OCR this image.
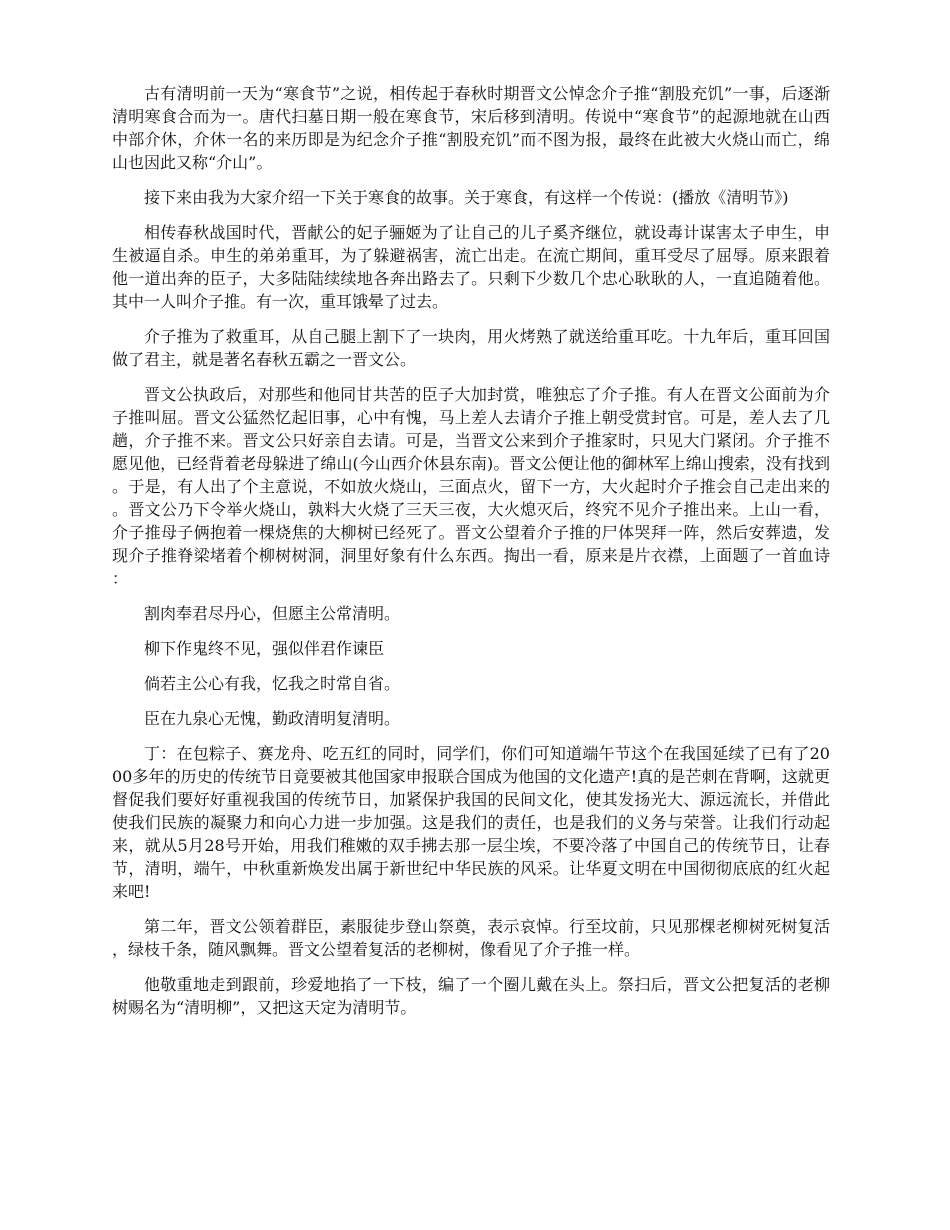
古有清明前一天为“寒食节”之说，相传起于春秋时期晋文公悼念介子推“割股充饥”一事，后逐渐清明寒食合而为一。唐代扫墓日期一般在寒食节，宋后移到清明。传说中“寒食节”的起源地就在山西中部介休，介休一名的来历即是为纪念介子推“割股充饥”而不图为报，最终在此被大火烧山而亡，绵山也因此又称“介山”。

接下来由我为大家介绍一下关于寒食的故事。关于寒食，有这样一个传说：(播放《清明节》)

相传春秋战国时代，晋献公的妃子骊姬为了让自己的儿子奚齐继位，就设毒计谋害太子申生，申生被逼自杀。申生的弟弟重耳，为了躲避祸害，流亡出走。在流亡期间，重耳受尽了屈辱。原来跟着他一道出奔的臣子，大多陆陆续续地各奔出路去了。只剩下少数几个忠心耿耿的人，一直追随着他。其中一人叫介子推。有一次，重耳饿晕了过去。

介子推为了救重耳，从自己腿上割下了一块肉，用火烤熟了就送给重耳吃。十九年后，重耳回国做了君主，就是著名春秋五霸之一晋文公。

晋文公执政后，对那些和他同甘共苦的臣子大加封赏，唯独忘了介子推。有人在晋文公面前为介子推叫屈。晋文公猛然忆起旧事，心中有愧，马上差人去请介子推上朝受赏封官。可是，差人去了几趟，介子推不来。晋文公只好亲自去请。可是，当晋文公来到介子推家时，只见大门紧闭。介子推不愿见他，已经背着老母躲进了绵山(今山西介休县东南)。晋文公便让他的御林军上绵山搜索，没有找到。于是，有人出了个主意说，不如放火烧山，三面点火，留下一方，大火起时介子推会自己走出来的。晋文公乃下令举火烧山，孰料大火烧了三天三夜，大火熄灭后，终究不见介子推出来。上山一看，介子推母子俩抱着一棵烧焦的大柳树已经死了。晋文公望着介子推的尸体哭拜一阵，然后安葬遗，发现介子推脊梁堵着个柳树树洞，洞里好象有什么东西。掏出一看，原来是片衣襟，上面题了一首血诗：

割肉奉君尽丹心，但愿主公常清明。

柳下作鬼终不见，强似伴君作谏臣

倘若主公心有我，忆我之时常自省。

臣在九泉心无愧，勤政清明复清明。

丁：在包粽子、赛龙舟、吃五红的同时，同学们，你们可知道端午节这个在我国延续了已有了2000多年的历史的传统节日竟要被其他国家申报联合国成为他国的文化遗产!真的是芒刺在背啊，这就更督促我们要好好重视我国的传统节日，加紧保护我国的民间文化，使其发扬光大、源远流长，并借此使我们民族的凝聚力和向心力进一步加强。这是我们的责任，也是我们的义务与荣誉。让我们行动起来，就从5月28号开始，用我们稚嫩的双手拂去那一层尘埃，不要冷落了中国自己的传统节日，让春节，清明，端午，中秋重新焕发出属于新世纪中华民族的风采。让华夏文明在中国彻彻底底的红火起来吧!

第二年，晋文公领着群臣，素服徒步登山祭奠，表示哀悼。行至坟前，只见那棵老柳树死树复活，绿枝千条，随风飘舞。晋文公望着复活的老柳树，像看见了介子推一样。

他敬重地走到跟前，珍爱地掐了一下枝，编了一个圈儿戴在头上。祭扫后，晋文公把复活的老柳树赐名为“清明柳”，又把这天定为清明节。
